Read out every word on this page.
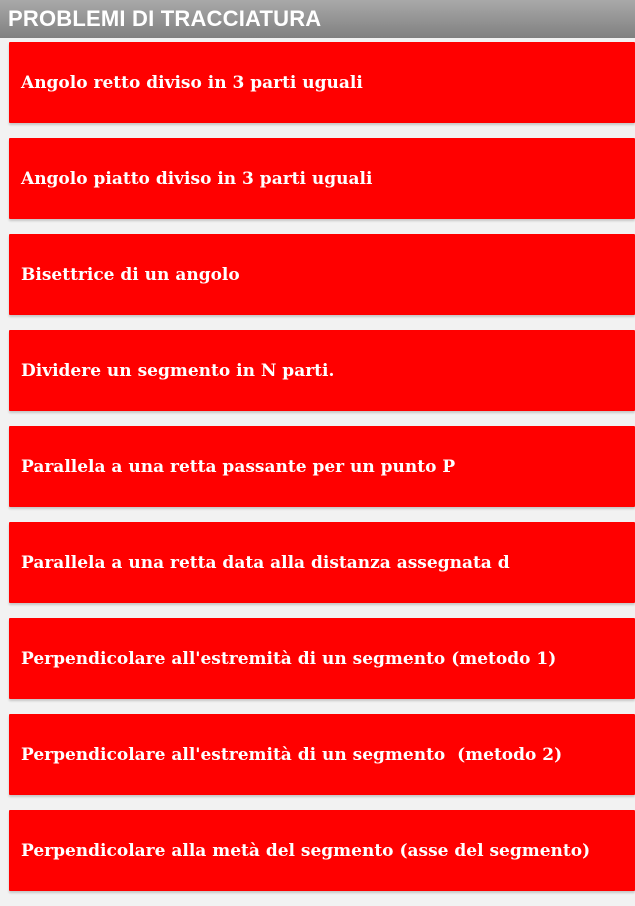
PROBLEMI DI TRACCIATURA
Angolo retto diviso in 3 parti uguali
Angolo piatto diviso in 3 parti uguali
Bisettrice di un angolo
Dividere un segmento in N parti.
Parallela a una retta passante per un punto P
Parallela a una retta data alla distanza assegnata d
Perpendicolare all'estremità di un segmento (metodo 1)
Perpendicolare all'estremità di un segmento  (metodo 2)
Perpendicolare alla metà del segmento (asse del segmento)
